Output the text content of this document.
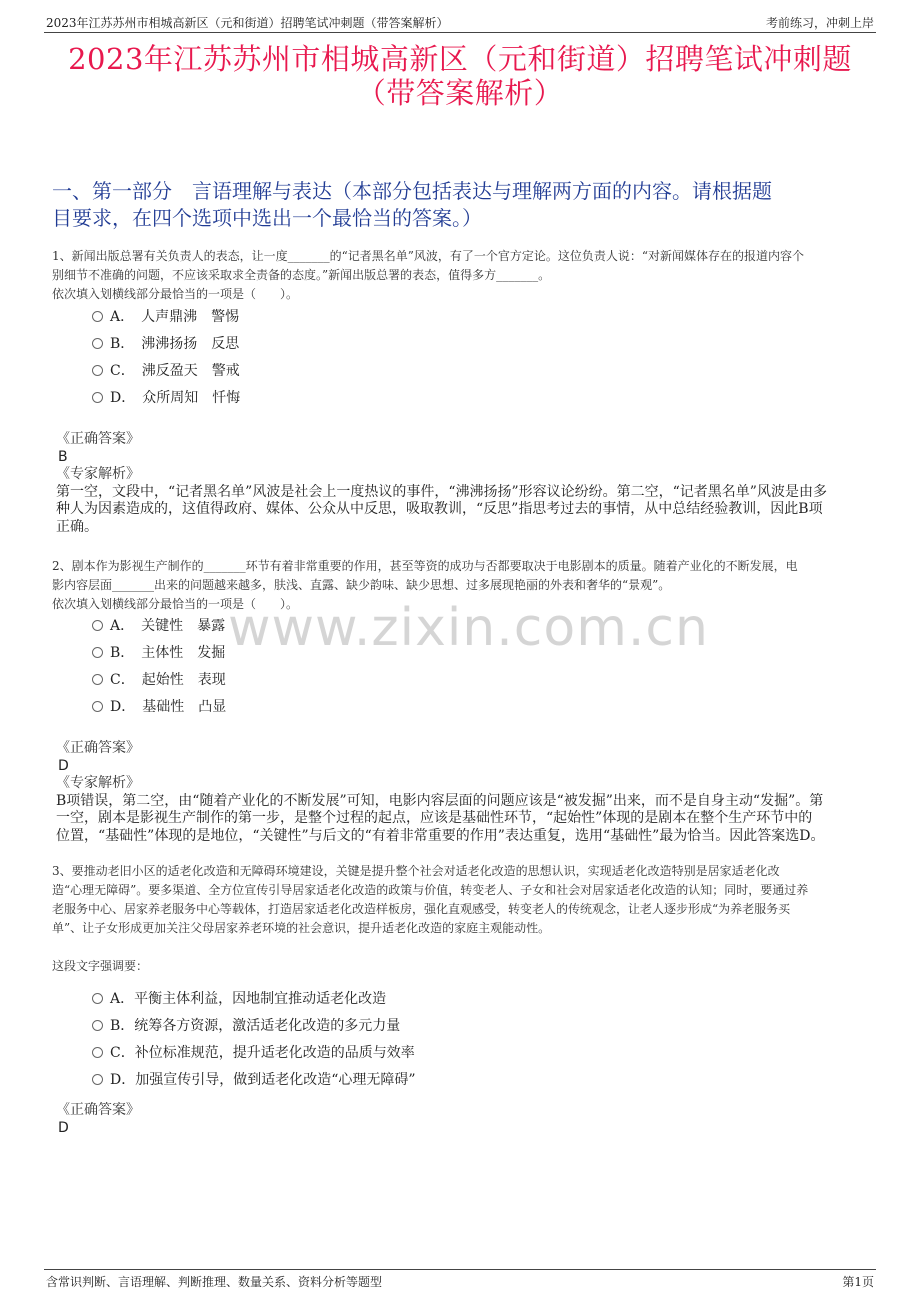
2023年江苏苏州市相城高新区（元和街道）招聘笔试冲刺题（带答案解析）	考前练习，冲刺上岸
2023年江苏苏州市相城高新区（元和街道）招聘笔试冲刺题
（带答案解析）
一、第一部分　言语理解与表达（本部分包括表达与理解两方面的内容。请根据题
目要求，在四个选项中选出一个最恰当的答案。）
www.zixin.com.cn
1、新闻出版总署有关负责人的表态，让一度_______的“记者黑名单”风波，有了一个官方定论。这位负责人说：“对新闻媒体存在的报道内容个
别细节不准确的问题，不应该采取求全责备的态度。”新闻出版总署的表态，值得多方_______。
依次填入划横线部分最恰当的一项是（　　）。
A．　人声鼎沸　警惕
B．　沸沸扬扬　反思
C．　沸反盈天　警戒
D．　众所周知　忏悔
《正确答案》
B
《专家解析》
第一空，文段中，“记者黑名单”风波是社会上一度热议的事件，“沸沸扬扬”形容议论纷纷。第二空，“记者黑名单”风波是由多
种人为因素造成的，这值得政府、媒体、公众从中反思，吸取教训，“反思”指思考过去的事情，从中总结经验教训，因此B项
正确。
2、剧本作为影视生产制作的_______环节有着非常重要的作用，甚至等资的成功与否都要取决于电影剧本的质量。随着产业化的不断发展，电
影内容层面_______出来的问题越来越多，肤浅、直露、缺少韵味、缺少思想、过多展现艳丽的外表和奢华的“景观”。
依次填入划横线部分最恰当的一项是（　　）。
A．　关键性　暴露
B．　主体性　发掘
C．　起始性　表现
D．　基础性　凸显
《正确答案》
D
《专家解析》
B项错误，第二空，由“随着产业化的不断发展”可知，电影内容层面的问题应该是“被发掘”出来，而不是自身主动“发掘”。第
一空，剧本是影视生产制作的第一步，是整个过程的起点，应该是基础性环节，“起始性”体现的是剧本在整个生产环节中的
位置，“基础性”体现的是地位，“关键性”与后文的“有着非常重要的作用”表达重复，选用“基础性”最为恰当。因此答案选D。
3、要推动老旧小区的适老化改造和无障碍环境建设，关键是提升整个社会对适老化改造的思想认识，实现适老化改造特别是居家适老化改
造“心理无障碍”。要多渠道、全方位宣传引导居家适老化改造的政策与价值，转变老人、子女和社会对居家适老化改造的认知；同时，要通过养
老服务中心、居家养老服务中心等载体，打造居家适老化改造样板房，强化直观感受，转变老人的传统观念，让老人逐步形成“为养老服务买
单”、让子女形成更加关注父母居家养老环境的社会意识，提升适老化改造的家庭主观能动性。
这段文字强调要：
A．平衡主体利益，因地制宜推动适老化改造
B．统筹各方资源，激活适老化改造的多元力量
C．补位标准规范，提升适老化改造的品质与效率
D．加强宣传引导，做到适老化改造“心理无障碍”
《正确答案》
D
含常识判断、言语理解、判断推理、数量关系、资料分析等题型	第1页
